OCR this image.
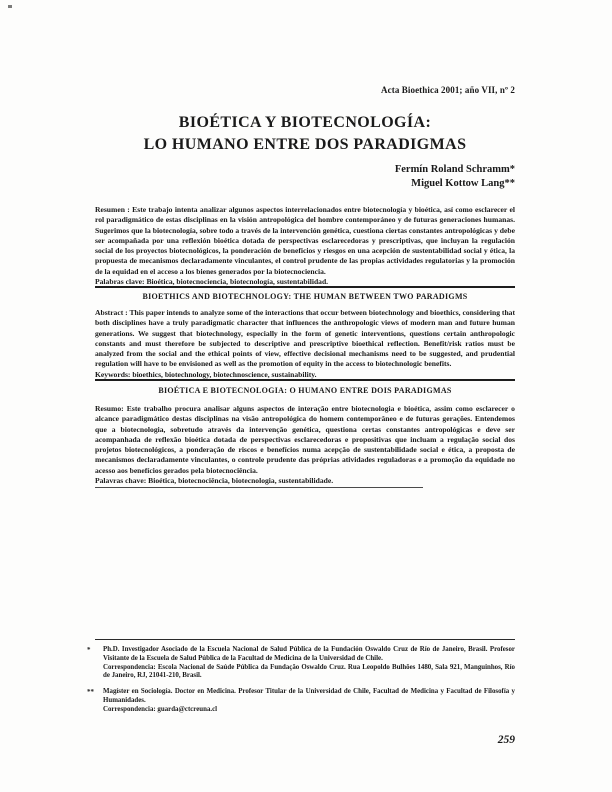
Acta Bioethica 2001; año VII, nº 2
BIOÉTICA Y BIOTECNOLOGÍA:
LO HUMANO ENTRE DOS PARADIGMAS
Fermín Roland Schramm*
Miguel Kottow Lang**

Resumen : Este trabajo intenta analizar algunos aspectos interrelacionados entre biotecnología y bioética, así como esclarecer el rol paradigmático de estas disciplinas en la visión antropológica del hombre contemporáneo y de futuras generaciones humanas. Sugerimos que la biotecnología, sobre todo a través de la intervención genética, cuestiona ciertas constantes antropológicas y debe ser acompañada por una reflexión bioética dotada de perspectivas esclarecedoras y prescriptivas, que incluyan la regulación social de los proyectos biotecnológicos, la ponderación de beneficios y riesgos en una acepción de sustentabilidad social y ética, la propuesta de mecanismos declaradamente vinculantes, el control prudente de las propias actividades regulatorias y la promoción de la equidad en el acceso a los bienes generados por la biotecnociencia.

Palabras clave: Bioética, biotecnociencia, biotecnología, sustentabilidad.

BIOETHICS AND BIOTECHNOLOGY: THE HUMAN BETWEEN TWO PARADIGMS

Abstract : This paper intends to analyze some of the interactions that occur between biotechnology and bioethics, considering that both disciplines have a truly paradigmatic character that influences the anthropologic views of modern man and future human generations. We suggest that biotechnology, especially in the form of genetic interventions, questions certain anthropologic constants and must therefore be subjected to descriptive and prescriptive bioethical reflection. Benefit/risk ratios must be analyzed from the social and the ethical points of view, effective decisional mechanisms need to be suggested, and prudential regulation will have to be envisioned as well as the promotion of equity in the access to biotechnologic benefits.

Keywords: bioethics, biotechnology, biotechnoscience, sustainability.

BIOÉTICA E BIOTECNOLOGIA: O HUMANO ENTRE DOIS PARADIGMAS

Resumo: Este trabalho procura analisar alguns aspectos de interação entre biotecnologia e bioética, assim como esclarecer o alcance paradigmático destas disciplinas na visão antropológica do homem contemporâneo e de futuras gerações. Entendemos que a biotecnologia, sobretudo através da intervenção genética, questiona certas constantes antropológicas e deve ser acompanhada de reflexão bioética dotada de perspectivas esclarecedoras e propositivas que incluam a regulação social dos projetos biotecnológicos, a ponderação de riscos e benefícios numa acepção de sustentabilidade social e ética, a proposta de mecanismos declaradamente vinculantes, o controle prudente das próprias atividades reguladoras e a promoção da equidade no acesso aos benefícios gerados pela biotecnociência.

Palavras chave: Bioética, biotecnociência, biotecnologia, sustentabilidade.

*	Ph.D. Investigador Asociado de la Escuela Nacional de Salud Pública de la Fundación Oswaldo Cruz de Río de Janeiro, Brasil. Profesor Visitante de la Escuela de Salud Pública de la Facultad de Medicina de la Universidad de Chile.

Correspondencia: Escola Nacional de Saúde Pública da Fundação Oswaldo Cruz. Rua Leopoldo Bulhões 1480, Sala 921, Manguinhos, Río de Janeiro, RJ, 21041-210, Brasil.

**	Magíster en Sociología. Doctor en Medicina. Profesor Titular de la Universidad de Chile, Facultad de Medicina y Facultad de Filosofía y Humanidades.

Correspondencia: guarda@ctcreuna.cl

259
